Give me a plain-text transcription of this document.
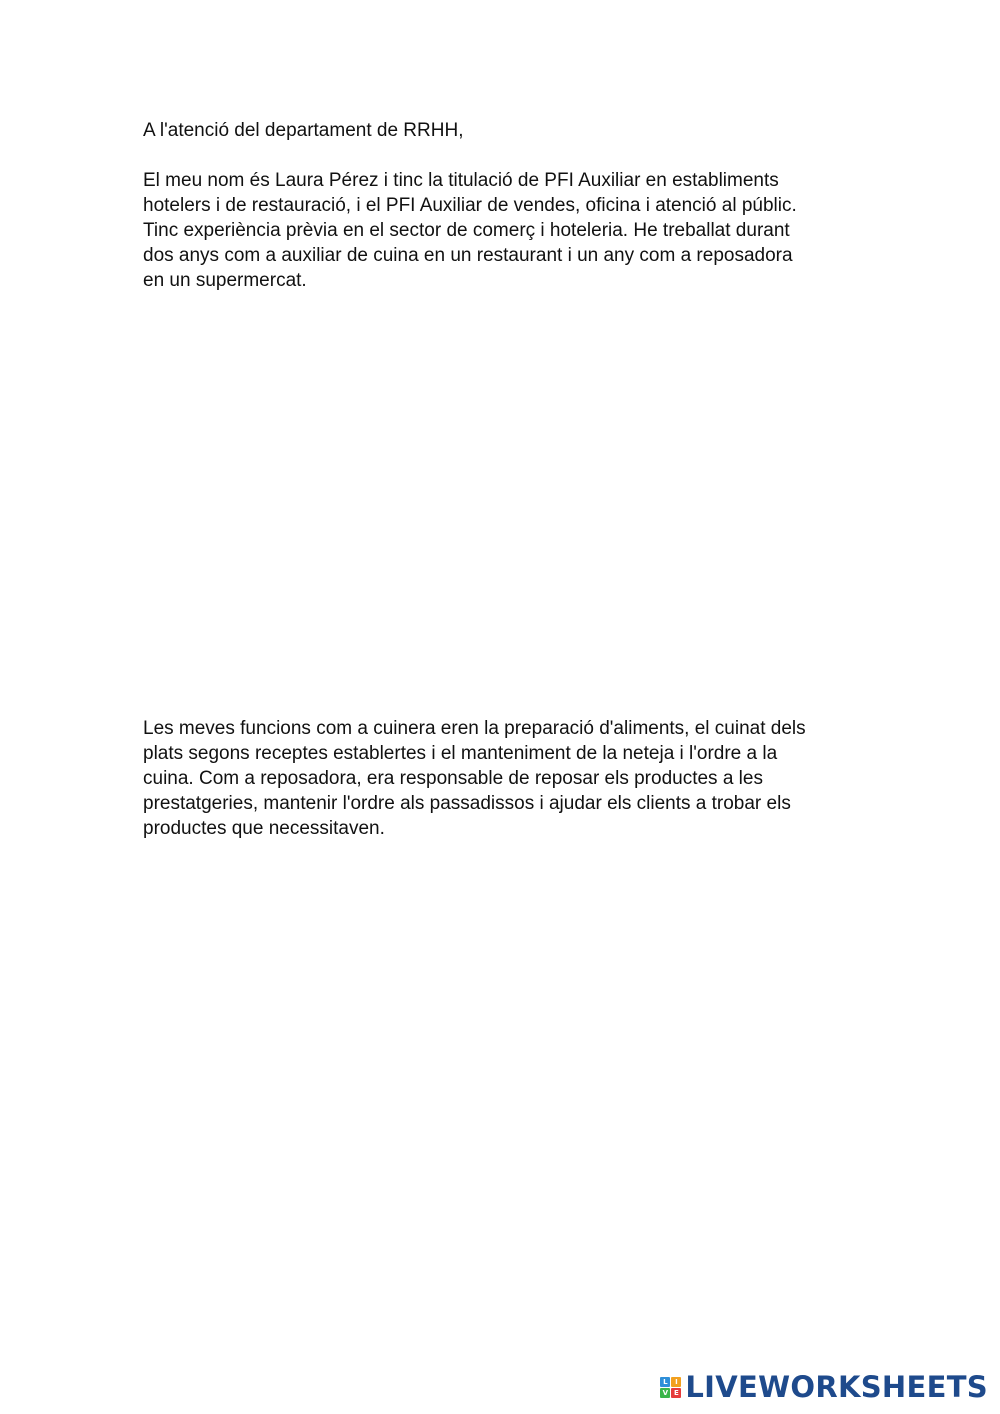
A l'atenció del departament de RRHH,
El meu nom és Laura Pérez i tinc la titulació de PFI Auxiliar en establiments
hotelers i de restauració, i el PFI Auxiliar de vendes, oficina i atenció al públic.
Tinc experiència prèvia en el sector de comerç i hoteleria. He treballat durant
dos anys com a auxiliar de cuina en un restaurant i un any com a reposadora
en un supermercat.
Les meves funcions com a cuinera eren la preparació d'aliments, el cuinat dels
plats segons receptes establertes i el manteniment de la neteja i l'ordre a la
cuina. Com a reposadora, era responsable de reposar els productes a les
prestatgeries, mantenir l'ordre als passadissos i ajudar els clients a trobar els
productes que necessitaven.
L	I
V E LIVEWORKSHEETS
